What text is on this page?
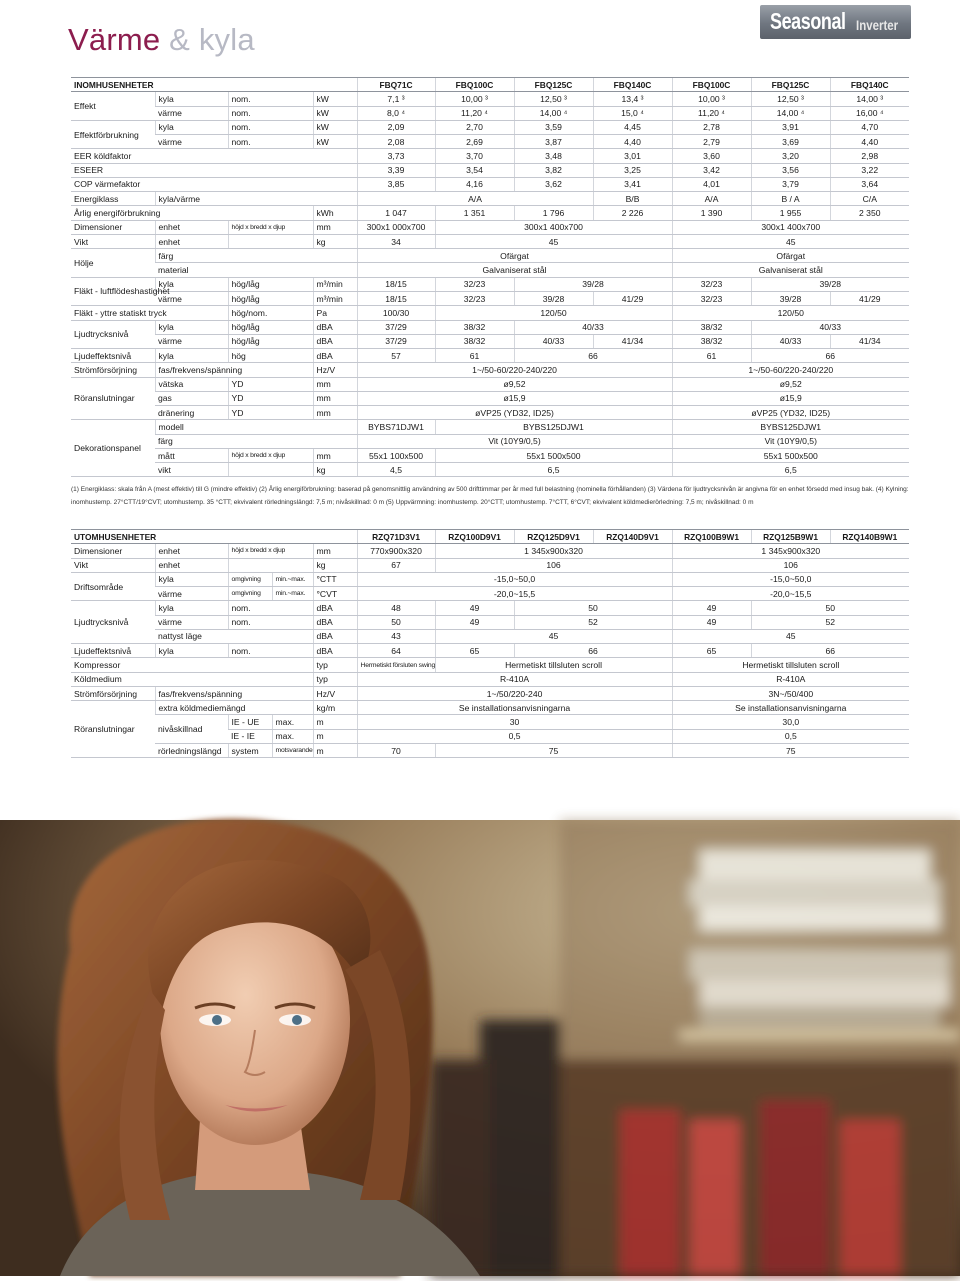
Värme & kyla
Seasonal Inverter
INOMHUSENHETER				FBQ71C	FBQ100C	FBQ125C	FBQ140C	FBQ100C	FBQ125C	FBQ140C
Effekt	kyla	nom.	kW	7,1 ³	10,00 ³	12,50 ³	13,4 ³	10,00 ³	12,50 ³	14,00 ³
	värme	nom.	kW	8,0 ⁴	11,20 ⁴	14,00 ⁴	15,0 ⁴	11,20 ⁴	14,00 ⁴	16,00 ⁴
Effektförbrukning	kyla	nom.	kW	2,09	2,70	3,59	4,45	2,78	3,91	4,70
	värme	nom.	kW	2,08	2,69	3,87	4,40	2,79	3,69	4,40
EER köldfaktor				3,73	3,70	3,48	3,01	3,60	3,20	2,98
ESEER				3,39	3,54	3,82	3,25	3,42	3,56	3,22
COP värmefaktor				3,85	4,16	3,62	3,41	4,01	3,79	3,64
Energiklass	kyla/värme			A/A			B/B	A/A	B / A	C/A
Årlig energiförbrukning			kWh	1 047	1 351	1 796	2 226	1 390	1 955	2 350
Dimensioner	enhet	höjd x bredd x djup	mm	300x1 000x700	300x1 400x700			300x1 400x700		
Vikt	enhet		kg	34	45			45		
Hölje	färg			Ofärgat				Ofärgat		
	material			Galvaniserat stål				Galvaniserat stål		
Fläkt - luftflödeshastighet	kyla	hög/låg	m³/min	18/15	32/23	39/28		32/23	39/28	
	värme	hög/låg	m³/min	18/15	32/23	39/28	41/29	32/23	39/28	41/29
Fläkt - yttre statiskt tryck		hög/nom.	Pa	100/30	120/50			120/50		
Ljudtrycksnivå	kyla	hög/låg	dBA	37/29	38/32	40/33		38/32	40/33	
	värme	hög/låg	dBA	37/29	38/32	40/33	41/34	38/32	40/33	41/34
Ljudeffektsnivå	kyla	hög	dBA	57	61	66		61	66	
Strömförsörjning	fas/frekvens/spänning		Hz/V	1~/50-60/220-240/220				1~/50-60/220-240/220		
Röranslutningar	vätska	YD	mm	ø9,52				ø9,52		
	gas	YD	mm	ø15,9				ø15,9		
	dränering	YD	mm	øVP25 (YD32, ID25)				øVP25 (YD32, ID25)		
Dekorationspanel	modell			BYBS71DJW1	BYBS125DJW1			BYBS125DJW1		
	färg			Vit (10Y9/0,5)				Vit (10Y9/0,5)		
	mått	höjd x bredd x djup	mm	55x1 100x500	55x1 500x500			55x1 500x500		
	vikt		kg	4,5	6,5			6,5		
(1) Energiklass: skala från A (mest effektiv) till G (mindre effektiv) (2) Årlig energiförbrukning: baserad på genomsnittlig användning av 500 drifttimmar per år med full belastning (nominella förhållanden) (3) Värdena för ljudtrycksnivån är angivna för en enhet försedd med insug bak. (4) Kylning: inomhustemp. 27°CTT/19°CVT; utomhustemp. 35 °CTT; ekvivalent rörledningslängd: 7,5 m; nivåskillnad: 0 m (5) Uppvärmning: inomhustemp. 20°CTT; utomhustemp. 7°CTT, 6°CVT; ekvivalent köldmedierörledning: 7,5 m; nivåskillnad: 0 m
UTOMHUSENHETER					RZQ71D3V1	RZQ100D9V1	RZQ125D9V1	RZQ140D9V1	RZQ100B9W1	RZQ125B9W1	RZQ140B9W1
Dimensioner	enhet	höjd x bredd x djup		mm	770x900x320	1 345x900x320			1 345x900x320		
Vikt	enhet			kg	67	106			106		
Driftsområde	kyla	omgivning	min.~max.	°CTT	-15,0~50,0				-15,0~50,0		
	värme	omgivning	min.~max.	°CVT	-20,0~15,5				-20,0~15,5		
Ljudtrycksnivå	kyla	nom.		dBA	48	49	50		49	50	
	värme	nom.		dBA	50	49	52		49	52	
	nattyst läge			dBA	43	45			45		
Ljudeffektsnivå	kyla	nom.		dBA	64	65	66		65	66	
Kompressor				typ	Hermetiskt försluten swing	Hermetiskt tillsluten scroll			Hermetiskt tillsluten scroll		
Köldmedium				typ	R-410A				R-410A		
Strömförsörjning	fas/frekvens/spänning			Hz/V	1~/50/220-240				3N~/50/400		
Röranslutningar	extra köldmediemängd			kg/m	Se installationsanvisningarna				Se installationsanvisningarna		
	nivåskillnad	IE - UE	max.	m	30				30,0		
		IE - IE	max.	m	0,5				0,5		
	rörledningslängd	system	motsvarande	m	70	75			75		
